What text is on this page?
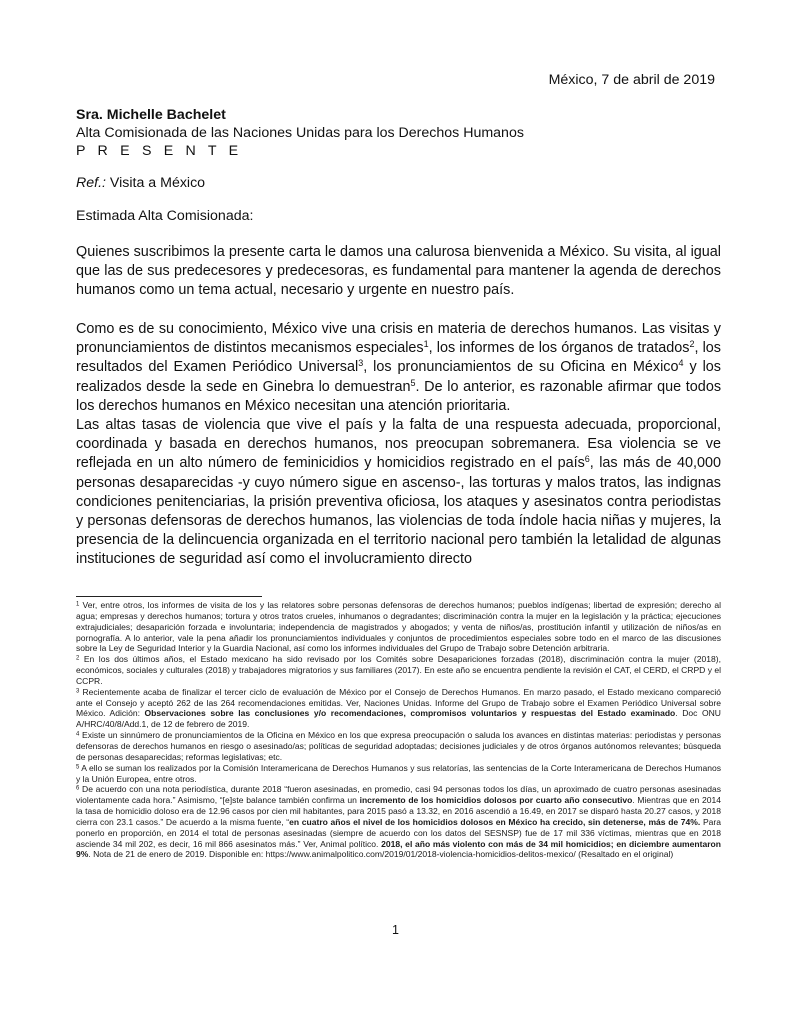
México, 7 de abril de 2019
Sra. Michelle Bachelet
Alta Comisionada de las Naciones Unidas para los Derechos Humanos
P R E S E N T E
Ref.: Visita a México
Estimada Alta Comisionada:
Quienes suscribimos la presente carta le damos una calurosa bienvenida a México. Su visita, al igual que las de sus predecesores y predecesoras, es fundamental para mantener la agenda de derechos humanos como un tema actual, necesario y urgente en nuestro país.
Como es de su conocimiento, México vive una crisis en materia de derechos humanos. Las visitas y pronunciamientos de distintos mecanismos especiales$^1$, los informes de los órganos de tratados$^2$, los resultados del Examen Periódico Universal$^3$, los pronunciamientos de su Oficina en México$^4$ y los realizados desde la sede en Ginebra lo demuestran$^5$. De lo anterior, es razonable afirmar que todos los derechos humanos en México necesitan una atención prioritaria.
Las altas tasas de violencia que vive el país y la falta de una respuesta adecuada, proporcional, coordinada y basada en derechos humanos, nos preocupan sobremanera. Esa violencia se ve reflejada en un alto número de feminicidios y homicidios registrado en el país$^6$, las más de 40,000 personas desaparecidas -y cuyo número sigue en ascenso-, las torturas y malos tratos, las indignas condiciones penitenciarias, la prisión preventiva oficiosa, los ataques y asesinatos contra periodistas y personas defensoras de derechos humanos, las violencias de toda índole hacia niñas y mujeres, la presencia de la delincuencia organizada en el territorio nacional pero también la letalidad de algunas instituciones de seguridad así como el involucramiento directo

$^1$ Ver, entre otros, los informes de visita de los y las relatores sobre personas defensoras de derechos humanos; pueblos indígenas; libertad de expresión; derecho al agua; empresas y derechos humanos; tortura y otros tratos crueles, inhumanos o degradantes; discriminación contra la mujer en la legislación y la práctica; ejecuciones extrajudiciales; desaparición forzada e involuntaria; independencia de magistrados y abogados; y venta de niños/as, prostitución infantil y utilización de niños/as en pornografía. A lo anterior, vale la pena añadir los pronunciamientos individuales y conjuntos de procedimientos especiales sobre todo en el marco de las discusiones sobre la Ley de Seguridad Interior y la Guardia Nacional, así como los informes individuales del Grupo de Trabajo sobre Detención arbitraria.

$^2$ En los dos últimos años, el Estado mexicano ha sido revisado por los Comités sobre Desapariciones forzadas (2018), discriminación contra la mujer (2018), económicos, sociales y culturales (2018) y trabajadores migratorios y sus familiares (2017). En este año se encuentra pendiente la revisión el CAT, el CERD, el CRPD y el CCPR.

$^3$ Recientemente acaba de finalizar el tercer ciclo de evaluación de México por el Consejo de Derechos Humanos. En marzo pasado, el Estado mexicano compareció ante el Consejo y aceptó 262 de las 264 recomendaciones emitidas. Ver, Naciones Unidas. Informe del Grupo de Trabajo sobre el Examen Periódico Universal sobre México. Adición: Observaciones sobre las conclusiones y/o recomendaciones, compromisos voluntarios y respuestas del Estado examinado. Doc ONU A/HRC/40/8/Add.1, de 12 de febrero de 2019.

$^4$ Existe un sinnúmero de pronunciamientos de la Oficina en México en los que expresa preocupación o saluda los avances en distintas materias: periodistas y personas defensoras de derechos humanos en riesgo o asesinado/as; políticas de seguridad adoptadas; decisiones judiciales y de otros órganos autónomos relevantes; búsqueda de personas desaparecidas; reformas legislativas; etc.

$^5$ A ello se suman los realizados por la Comisión Interamericana de Derechos Humanos y sus relatorías, las sentencias de la Corte Interamericana de Derechos Humanos y la Unión Europea, entre otros.

$^6$ De acuerdo con una nota periodística, durante 2018 “fueron asesinadas, en promedio, casi 94 personas todos los días, un aproximado de cuatro personas asesinadas violentamente cada hora.” Asimismo, “[e]ste balance también confirma un incremento de los homicidios dolosos por cuarto año consecutivo. Mientras que en 2014 la tasa de homicidio doloso era de 12.96 casos por cien mil habitantes, para 2015 pasó a 13.32, en 2016 ascendió a 16.49, en 2017 se disparó hasta 20.27 casos, y 2018 cierra con 23.1 casos.” De acuerdo a la misma fuente, “en cuatro años el nivel de los homicidios dolosos en México ha crecido, sin detenerse, más de 74%. Para ponerlo en proporción, en 2014 el total de personas asesinadas (siempre de acuerdo con los datos del SESNSP) fue de 17 mil 336 víctimas, mientras que en 2018 asciende 34 mil 202, es decir, 16 mil 866 asesinatos más.” Ver, Animal político. 2018, el año más violento con más de 34 mil homicidios; en diciembre aumentaron 9%. Nota de 21 de enero de 2019. Disponible en: https://www.animalpolitico.com/2019/01/2018-violencia-homicidios-delitos-mexico/ (Resaltado en el original)

1
